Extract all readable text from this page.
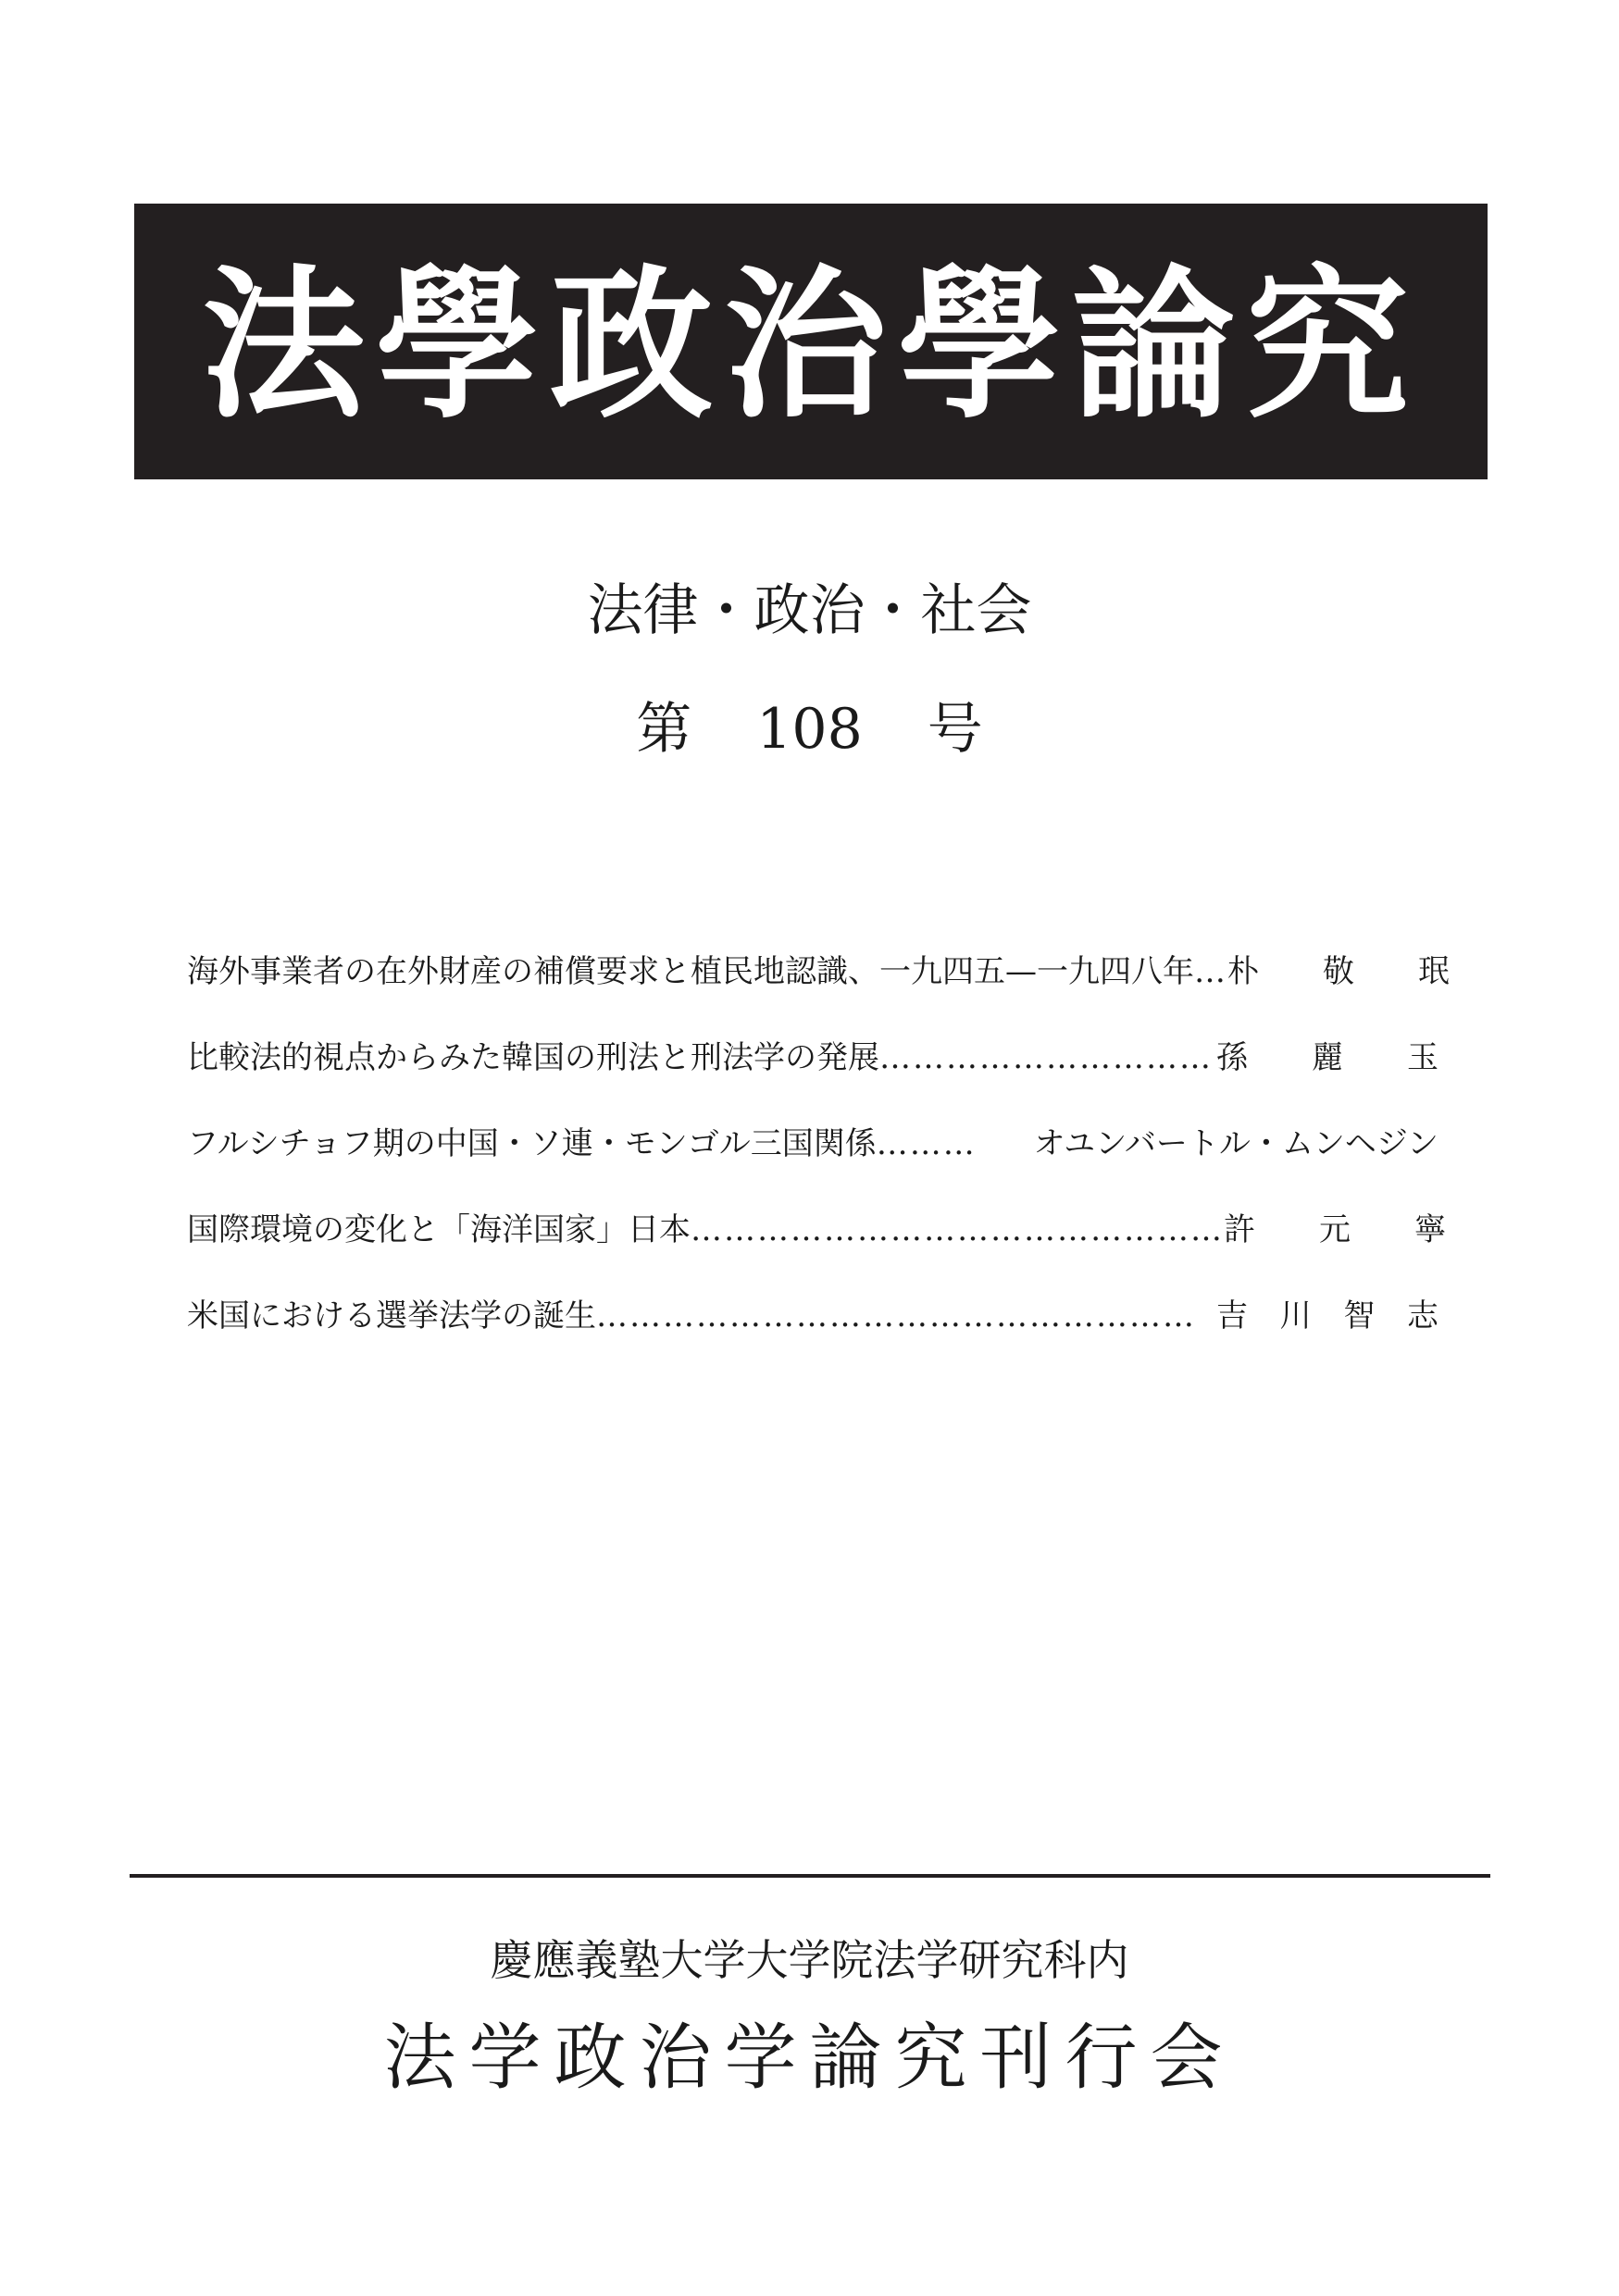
法學政治學論究
法律・政治・社会
第 108 号
海外事業者の在外財産の補償要求と植民地認識、一九四五—一九四八年 … 朴　敬　珉
比較法的視点からみた韓国の刑法と刑法学の発展 ………………………… 孫　麗　玉
フルシチョフ期の中国・ソ連・モンゴル三国関係 ………	オユンバートル・ムンヘジン
国際環境の変化と「海洋国家」日本 ………………………………………… 許　元　寧
米国における選挙法学の誕生 ……………………………………………… 吉川智志
慶應義塾大学大学院法学研究科内
法学政治学論究刊行会
